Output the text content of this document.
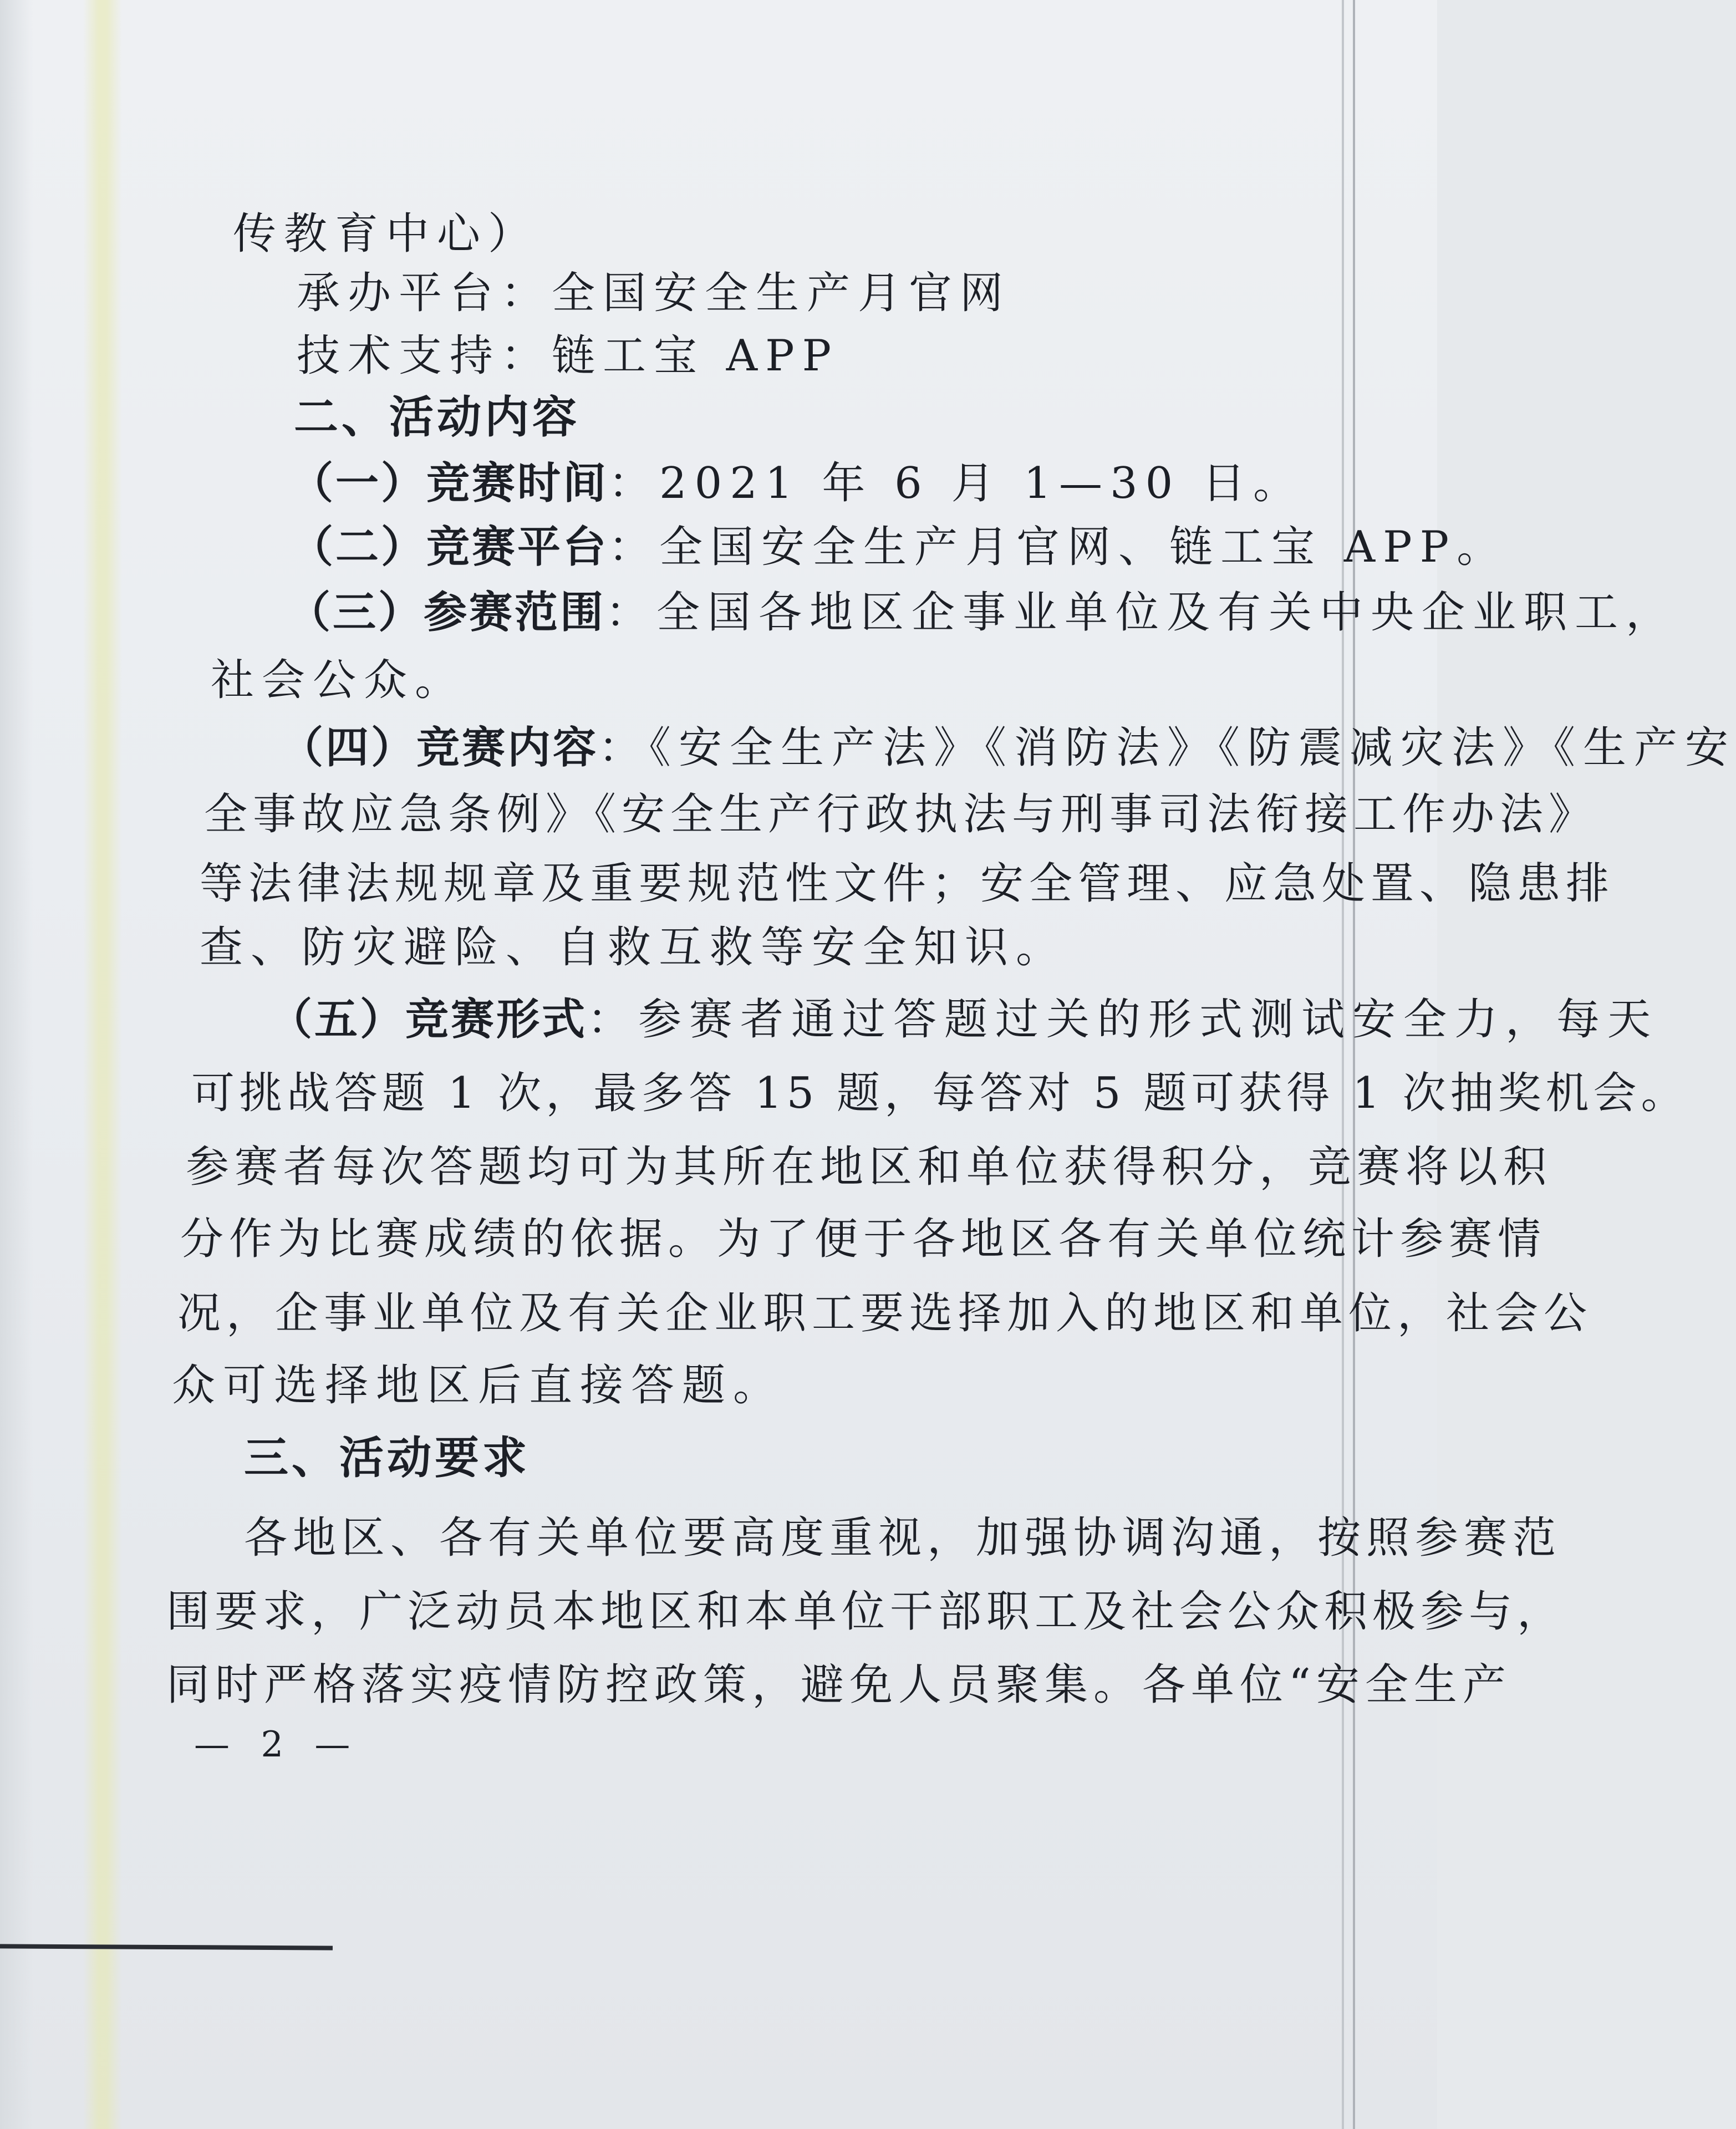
传教育中心）
承办平台：全国安全生产月官网
技术支持：链工宝 APP
二、活动内容
（一）竞赛时间：2021 年 6 月 1—30 日。
（二）竞赛平台：全国安全生产月官网、链工宝 APP。
（三）参赛范围：全国各地区企事业单位及有关中央企业职工，
社会公众。
（四）竞赛内容：《安全生产法》《消防法》《防震减灾法》《生产安
全事故应急条例》《安全生产行政执法与刑事司法衔接工作办法》
等法律法规规章及重要规范性文件；安全管理、应急处置、隐患排
查、防灾避险、自救互救等安全知识。
（五）竞赛形式：参赛者通过答题过关的形式测试安全力，每天
可挑战答题 1 次，最多答 15 题，每答对 5 题可获得 1 次抽奖机会。
参赛者每次答题均可为其所在地区和单位获得积分，竞赛将以积
分作为比赛成绩的依据。为了便于各地区各有关单位统计参赛情
况，企事业单位及有关企业职工要选择加入的地区和单位，社会公
众可选择地区后直接答题。
三、活动要求
各地区、各有关单位要高度重视，加强协调沟通，按照参赛范
围要求，广泛动员本地区和本单位干部职工及社会公众积极参与，
同时严格落实疫情防控政策，避免人员聚集。各单位“安全生产
— 2 —
